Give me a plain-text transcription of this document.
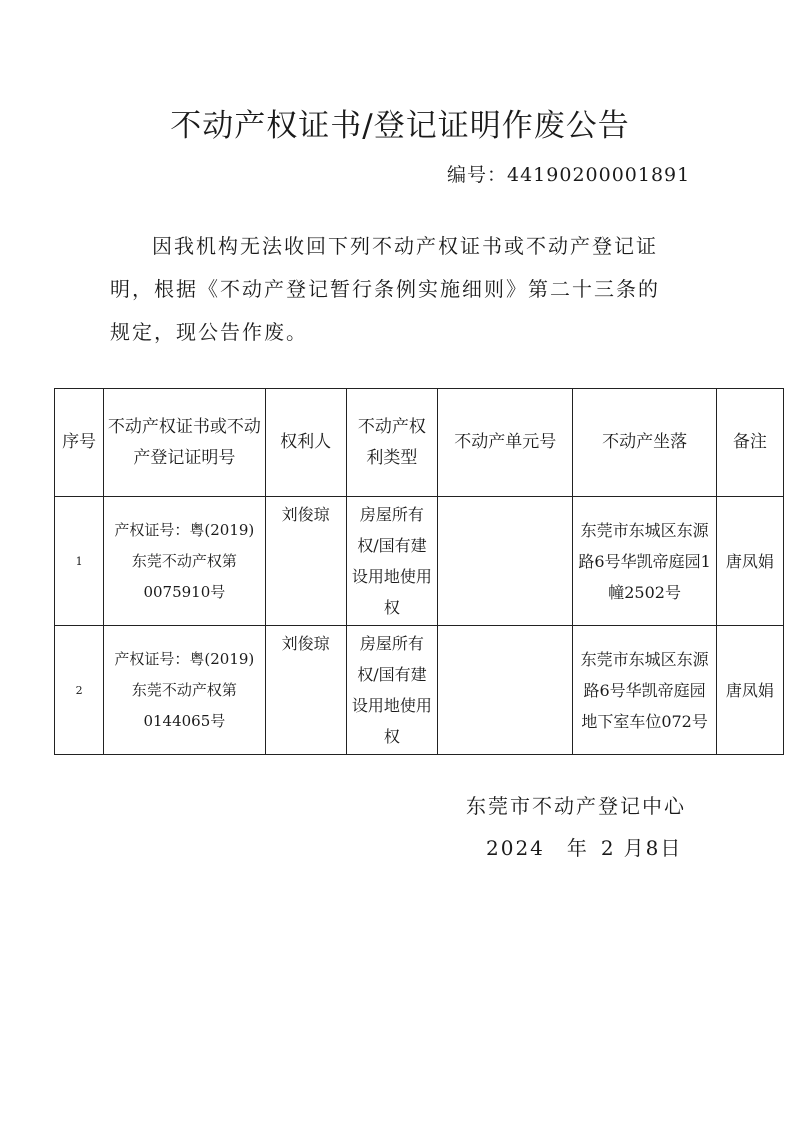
不动产权证书/登记证明作废公告
编号：44190200001891
因我机构无法收回下列不动产权证书或不动产登记证明，根据《不动产登记暂行条例实施细则》第二十三条的规定，现公告作废。
序号	不动产权证书或不动产登记证明号	权利人	不动产权利类型	不动产单元号	不动产坐落	备注
1	产权证号：粤(2019)东莞不动产权第0075910号	刘俊琼	房屋所有权/国有建设用地使用权		东莞市东城区东源路6号华凯帝庭园1幢2502号	唐凤娟
2	产权证号：粤(2019)东莞不动产权第0144065号	刘俊琼	房屋所有权/国有建设用地使用权		东莞市东城区东源路6号华凯帝庭园地下室车位072号	唐凤娟
东莞市不动产登记中心
2024 年 2 月8日
